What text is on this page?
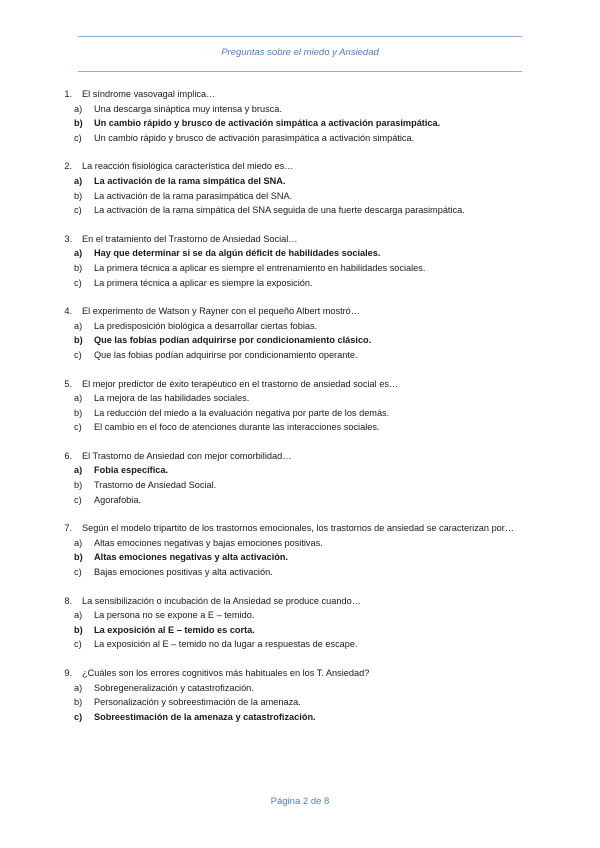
Preguntas sobre el miedo y Ansiedad
1.	El síndrome vasovagal implica…
a)	Una descarga sináptica muy intensa y brusca.
b)	Un cambio rápido y brusco de activación simpática a activación parasimpática.
c)	Un cambio rápido y brusco de activación parasimpática a activación simpática.
2.	La reacción fisiológica característica del miedo es…
a)	La activación de la rama simpática del SNA.
b)	La activación de la rama parasimpática del SNA.
c)	La activación de la rama simpática del SNA seguida de una fuerte descarga parasimpática.
3.	En el tratamiento del Trastorno de Ansiedad Social…
a)	Hay que determinar si se da algún déficit de habilidades sociales.
b)	La primera técnica a aplicar es siempre el entrenamiento en habilidades sociales.
c)	La primera técnica a aplicar es siempre la exposición.
4.	El experimento de Watson y Rayner con el pequeño Albert mostró…
a)	La predisposición biológica a desarrollar ciertas fobias.
b)	Que las fobias podían adquirirse por condicionamiento clásico.
c)	Que las fobias podían adquirirse por condicionamiento operante.
5.	El mejor predictor de éxito terapéutico en el trastorno de ansiedad social es…
a)	La mejora de las habilidades sociales.
b)	La reducción del miedo a la evaluación negativa por parte de los demás.
c)	El cambio en el foco de atenciones durante las interacciones sociales.
6.	El Trastorno de Ansiedad con mejor comorbilidad…
a)	Fobia específica.
b)	Trastorno de Ansiedad Social.
c)	Agorafobia.
7.	Según el modelo tripartito de los trastornos emocionales, los trastornos de ansiedad se caracterizan por…
a)	Altas emociones negativas y bajas emociones positivas.
b)	Altas emociones negativas y alta activación.
c)	Bajas emociones positivas y alta activación.
8.	La sensibilización o incubación de la Ansiedad se produce cuando…
a)	La persona no se expone a E – temido.
b)	La exposición al E – temido es corta.
c)	La exposición al E – temido no da lugar a respuestas de escape.
9.	¿Cuáles son los errores cognitivos más habituales en los T. Ansiedad?
a)	Sobregeneralización y catastrofización.
b)	Personalización y sobreestimación de la amenaza.
c)	Sobreestimación de la amenaza y catastrofización.
Página 2 de 8
